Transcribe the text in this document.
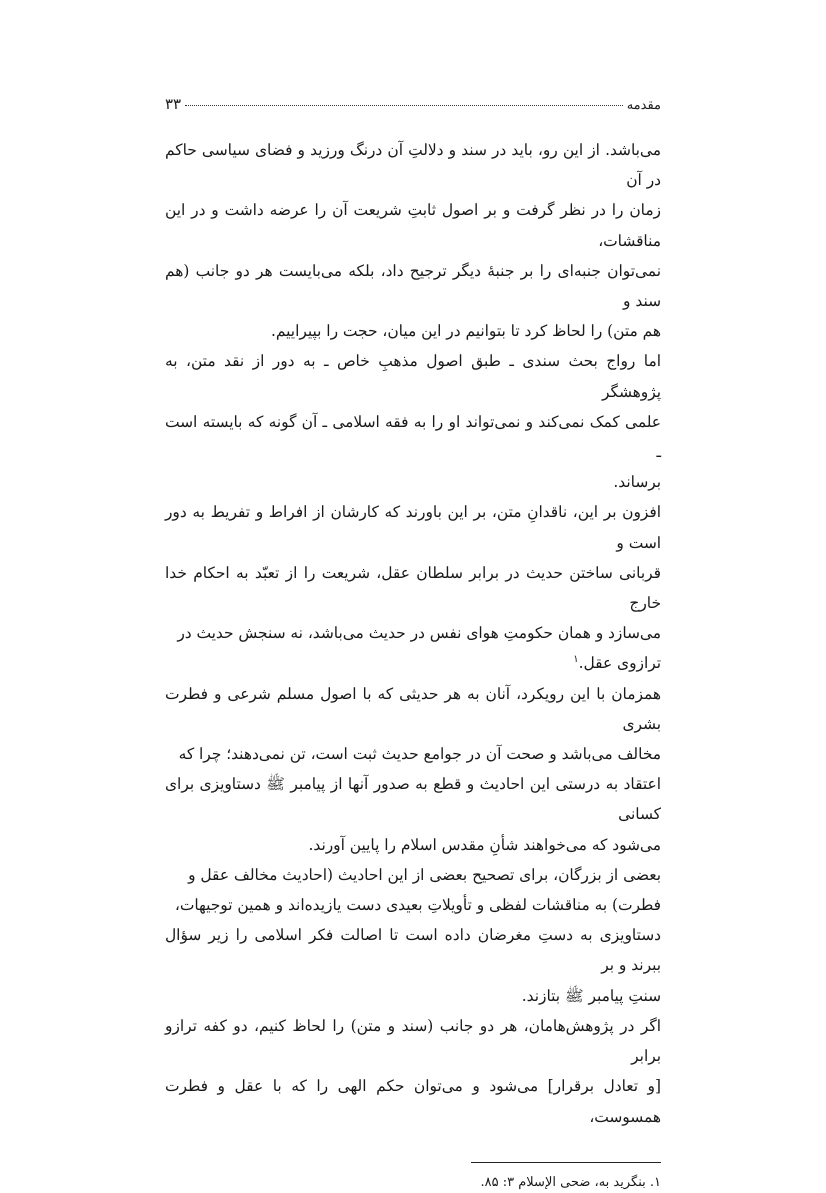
مقدمه
۳۳

می‌باشد. از این رو، باید در سند و دلالتِ آن درنگ ورزید و فضای سیاسی حاکم در آن

زمان را در نظر گرفت و بر اصول ثابتِ شریعت آن را عرضه داشت و در این مناقشات،

نمی‌توان جنبه‌ای را بر جنبهٔ دیگر ترجیح داد، بلکه می‌بایست هر دو جانب (هم سند و

هم متن) را لحاظ کرد تا بتوانیم در این میان، حجت را بپیراییم.

اما رواج بحث سندی ـ طبق اصول مذهبِ خاص ـ به دور از نقد متن، به پژوهشگر

علمی کمک نمی‌کند و نمی‌تواند او را به فقه اسلامی ـ آن گونه که بایسته است ـ

برساند.

افزون بر این، ناقدانِ متن، بر این باورند که کارشان از افراط و تفریط به دور است و

قربانی ساختن حدیث در برابر سلطان عقل، شریعت را از تعبّد به احکام خدا خارج

می‌سازد و همان حکومتِ هوای نفس در حدیث می‌باشد، نه سنجش حدیث در

ترازوی عقل.$^۱$

همزمان با این رویکرد، آنان به هر حدیثی که با اصول مسلم شرعی و فطرت بشری

مخالف می‌باشد و صحت آن در جوامع حدیث ثبت است، تن نمی‌دهند؛ چرا که

اعتقاد به درستی این احادیث و قطع به صدور آنها از پیامبر ﷺ دستاویزی برای کسانی

می‌شود که می‌خواهند شأنِ مقدس اسلام را پایین آورند.

بعضی از بزرگان، برای تصحیح بعضی از این احادیث (احادیث مخالف عقل و

فطرت) به مناقشات لفظی و تأویلاتِ بعیدی دست یازیده‌اند و همین توجیهات،

دستاویزی به دستِ مغرضان داده است تا اصالت فکر اسلامی را زیر سؤال ببرند و بر

سنتِ پیامبر ﷺ بتازند.

اگر در پژوهش‌هامان، هر دو جانب (سند و متن) را لحاظ کنیم، دو کفه ترازو برابر

[و تعادل برقرار] می‌شود و می‌توان حکم الهی را که با عقل و فطرت همسوست،

۱. بنگرید به، ضحی الإسلام ۳: ۸۵.
